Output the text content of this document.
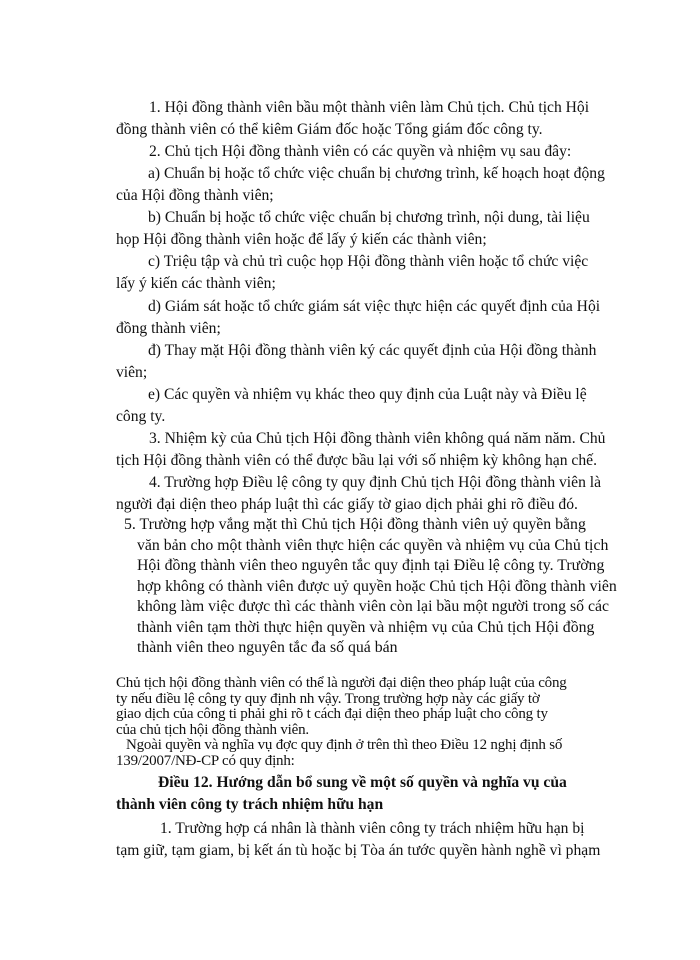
1. Hội đồng thành viên bầu một thành viên làm Chủ tịch. Chủ tịch Hội
đồng thành viên có thể kiêm Giám đốc hoặc Tổng giám đốc công ty.
2. Chủ tịch Hội đồng thành viên có các quyền và nhiệm vụ sau đây:
a) Chuẩn bị hoặc tổ chức việc chuẩn bị chương trình, kế hoạch hoạt động
của Hội đồng thành viên;
b) Chuẩn bị hoặc tổ chức việc chuẩn bị chương trình, nội dung, tài liệu
họp Hội đồng thành viên hoặc để lấy ý kiến các thành viên;
c) Triệu tập và chủ trì cuộc họp Hội đồng thành viên hoặc tổ chức việc
lấy ý kiến các thành viên;
d) Giám sát hoặc tổ chức giám sát việc thực hiện các quyết định của Hội
đồng thành viên;
đ) Thay mặt Hội đồng thành viên ký các quyết định của Hội đồng thành
viên;
e) Các quyền và nhiệm vụ khác theo quy định của Luật này và Điều lệ
công ty.
3. Nhiệm kỳ của Chủ tịch Hội đồng thành viên không quá năm năm. Chủ
tịch Hội đồng thành viên có thể được bầu lại với số nhiệm kỳ không hạn chế.
4. Trường hợp Điều lệ công ty quy định Chủ tịch Hội đồng thành viên là
người đại diện theo pháp luật thì các giấy tờ giao dịch phải ghi rõ điều đó.
5. Trường hợp vắng mặt thì Chủ tịch Hội đồng thành viên uỷ quyền bằng
văn bản cho một thành viên thực hiện các quyền và nhiệm vụ của Chủ tịch
Hội đồng thành viên theo nguyên tắc quy định tại Điều lệ công ty. Trường
hợp không có thành viên được uỷ quyền hoặc Chủ tịch Hội đồng thành viên
không làm việc được thì các thành viên còn lại bầu một người trong số các
thành viên tạm thời thực hiện quyền và nhiệm vụ của Chủ tịch Hội đồng
thành viên theo nguyên tắc đa số quá bán
Chủ tịch hội đồng thành viên có thể là người đại diện theo pháp luật của công
ty nếu điều lệ công ty quy định nh vậy. Trong trường hợp này các giấy tờ
giao dịch của công ti phải ghi rõ t cách đại diện theo pháp luật cho công ty
của chủ tịch hội đồng thành viên.
Ngoài quyền và nghĩa vụ đợc quy định ở trên thì theo Điều 12 nghị định số
139/2007/NĐ-CP có quy định:
Điều 12. Hướng dẫn bổ sung về một số quyền và nghĩa vụ của
thành viên công ty trách nhiệm hữu hạn
1. Trường hợp cá nhân là thành viên công ty trách nhiệm hữu hạn bị
tạm giữ, tạm giam, bị kết án tù hoặc bị Tòa án tước quyền hành nghề vì phạm
